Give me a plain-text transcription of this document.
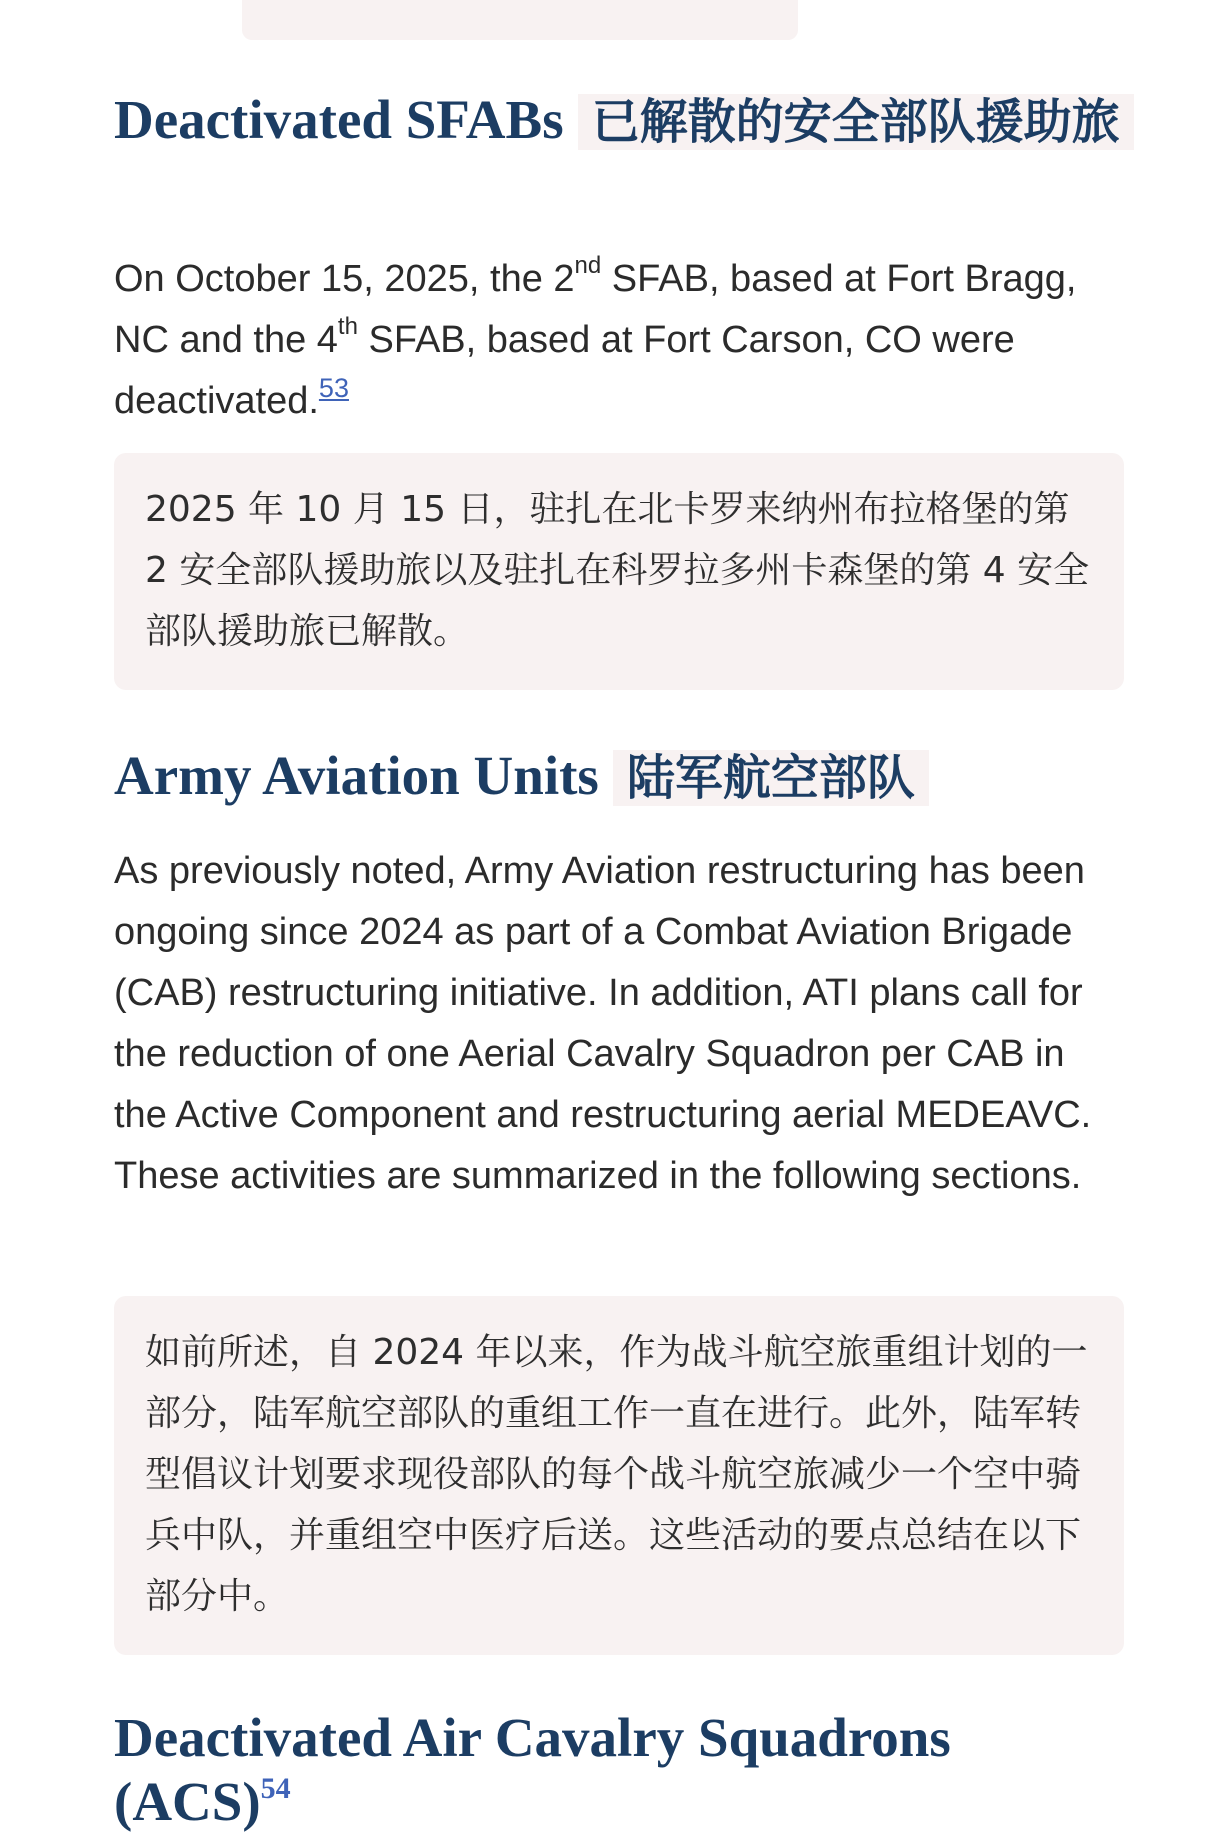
Deactivated SFABs 已解散的安全部队援助旅

On October 15, 2025, the 2nd SFAB, based at Fort Bragg, NC and the 4th SFAB, based at Fort Carson, CO were deactivated.$^{53}$

2025 年 10 月 15 日，驻扎在北卡罗来纳州布拉格堡的第 2 安全部队援助旅以及驻扎在科罗拉多州卡森堡的第 4 安全部队援助旅已解散。
Army Aviation Units 陆军航空部队

As previously noted, Army Aviation restructuring has been ongoing since 2024 as part of a Combat Aviation Brigade (CAB) restructuring initiative. In addition, ATI plans call for the reduction of one Aerial Cavalry Squadron per CAB in the Active Component and restructuring aerial MEDEAVC. These activities are summarized in the following sections.

如前所述，自 2024 年以来，作为战斗航空旅重组计划的一部分，陆军航空部队的重组工作一直在进行。此外，陆军转型倡议计划要求现役部队的每个战斗航空旅减少一个空中骑兵中队，并重组空中医疗后送。这些活动的要点总结在以下部分中。
Deactivated Air Cavalry Squadrons (ACS)$^{54}$
